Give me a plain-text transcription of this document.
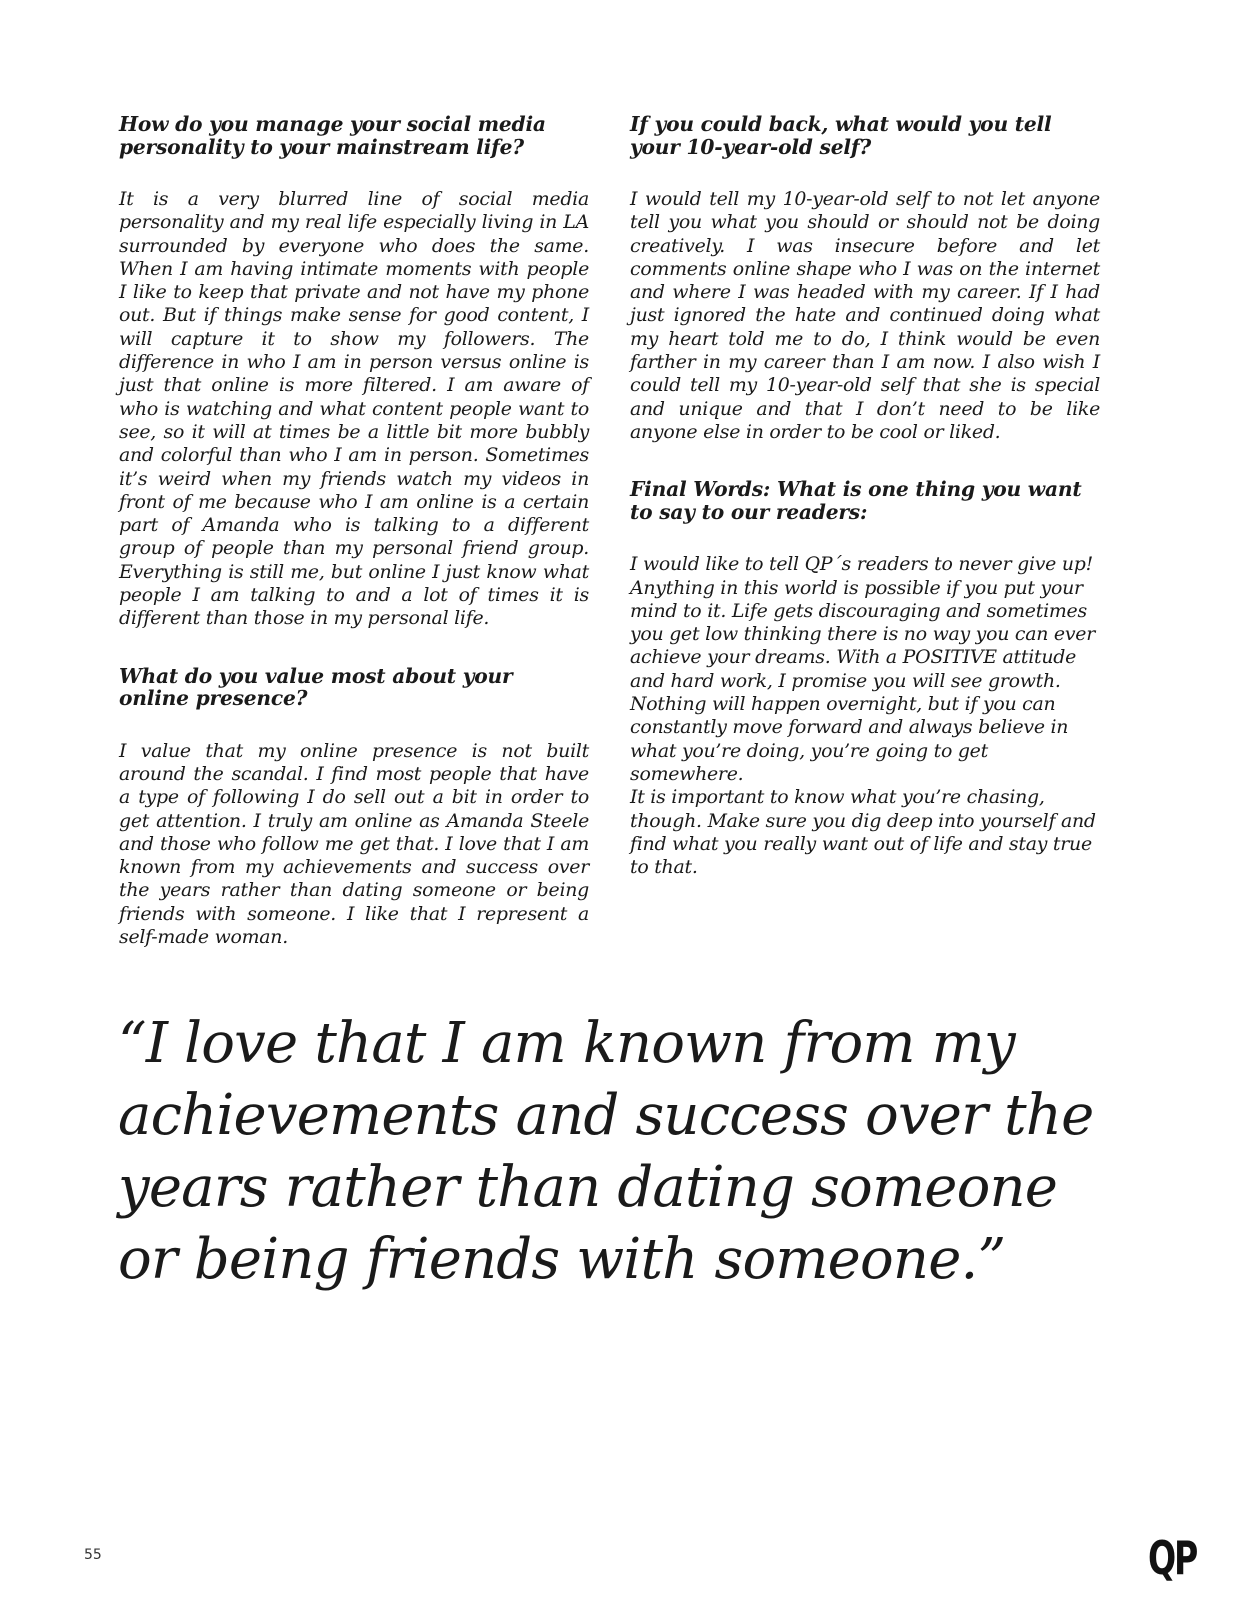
How do you manage your social media personality to your mainstream life?

It is a very blurred line of social media personality and my real life especially living in LA surrounded by everyone who does the same. When I am having intimate moments with people I like to keep that private and not have my phone out. But if things make sense for good content, I will capture it to show my followers. The difference in who I am in person versus online is just that online is more filtered. I am aware of who is watching and what content people want to see, so it will at times be a little bit more bubbly and colorful than who I am in person. Sometimes it’s weird when my friends watch my videos in front of me because who I am online is a certain part of Amanda who is talking to a different group of people than my personal friend group. Everything is still me, but online I just know what people I am talking to and a lot of times it is different than those in my personal life.

What do you value most about your online presence?

I value that my online presence is not built around the scandal. I find most people that have a type of following I do sell out a bit in order to get attention. I truly am online as Amanda Steele and those who follow me get that. I love that I am known from my achievements and success over the years rather than dating someone or being friends with someone. I like that I represent a self-made woman.

If you could back, what would you tell your 10-year-old self?

I would tell my 10-year-old self to not let anyone tell you what you should or should not be doing creatively. I was insecure before and let comments online shape who I was on the internet and where I was headed with my career. If I had just ignored the hate and continued doing what my heart told me to do, I think would be even farther in my career than I am now. I also wish I could tell my 10-year-old self that she is special and unique and that I don’t need to be like anyone else in order to be cool or liked.

Final Words: What is one thing you want to say to our readers:

I would like to tell QP´s readers to never give up! Anything in this world is possible if you put your mind to it. Life gets discouraging and sometimes you get low thinking there is no way you can ever achieve your dreams. With a POSITIVE attitude and hard work, I promise you will see growth.
Nothing will happen overnight, but if you can constantly move forward and always believe in what you’re doing, you’re going to get somewhere.
It is important to know what you’re chasing, though. Make sure you dig deep into yourself and find what you really want out of life and stay true to that.

“I love that I am known from my achievements and success over the years rather than dating someone or being friends with someone.”
55	QP
